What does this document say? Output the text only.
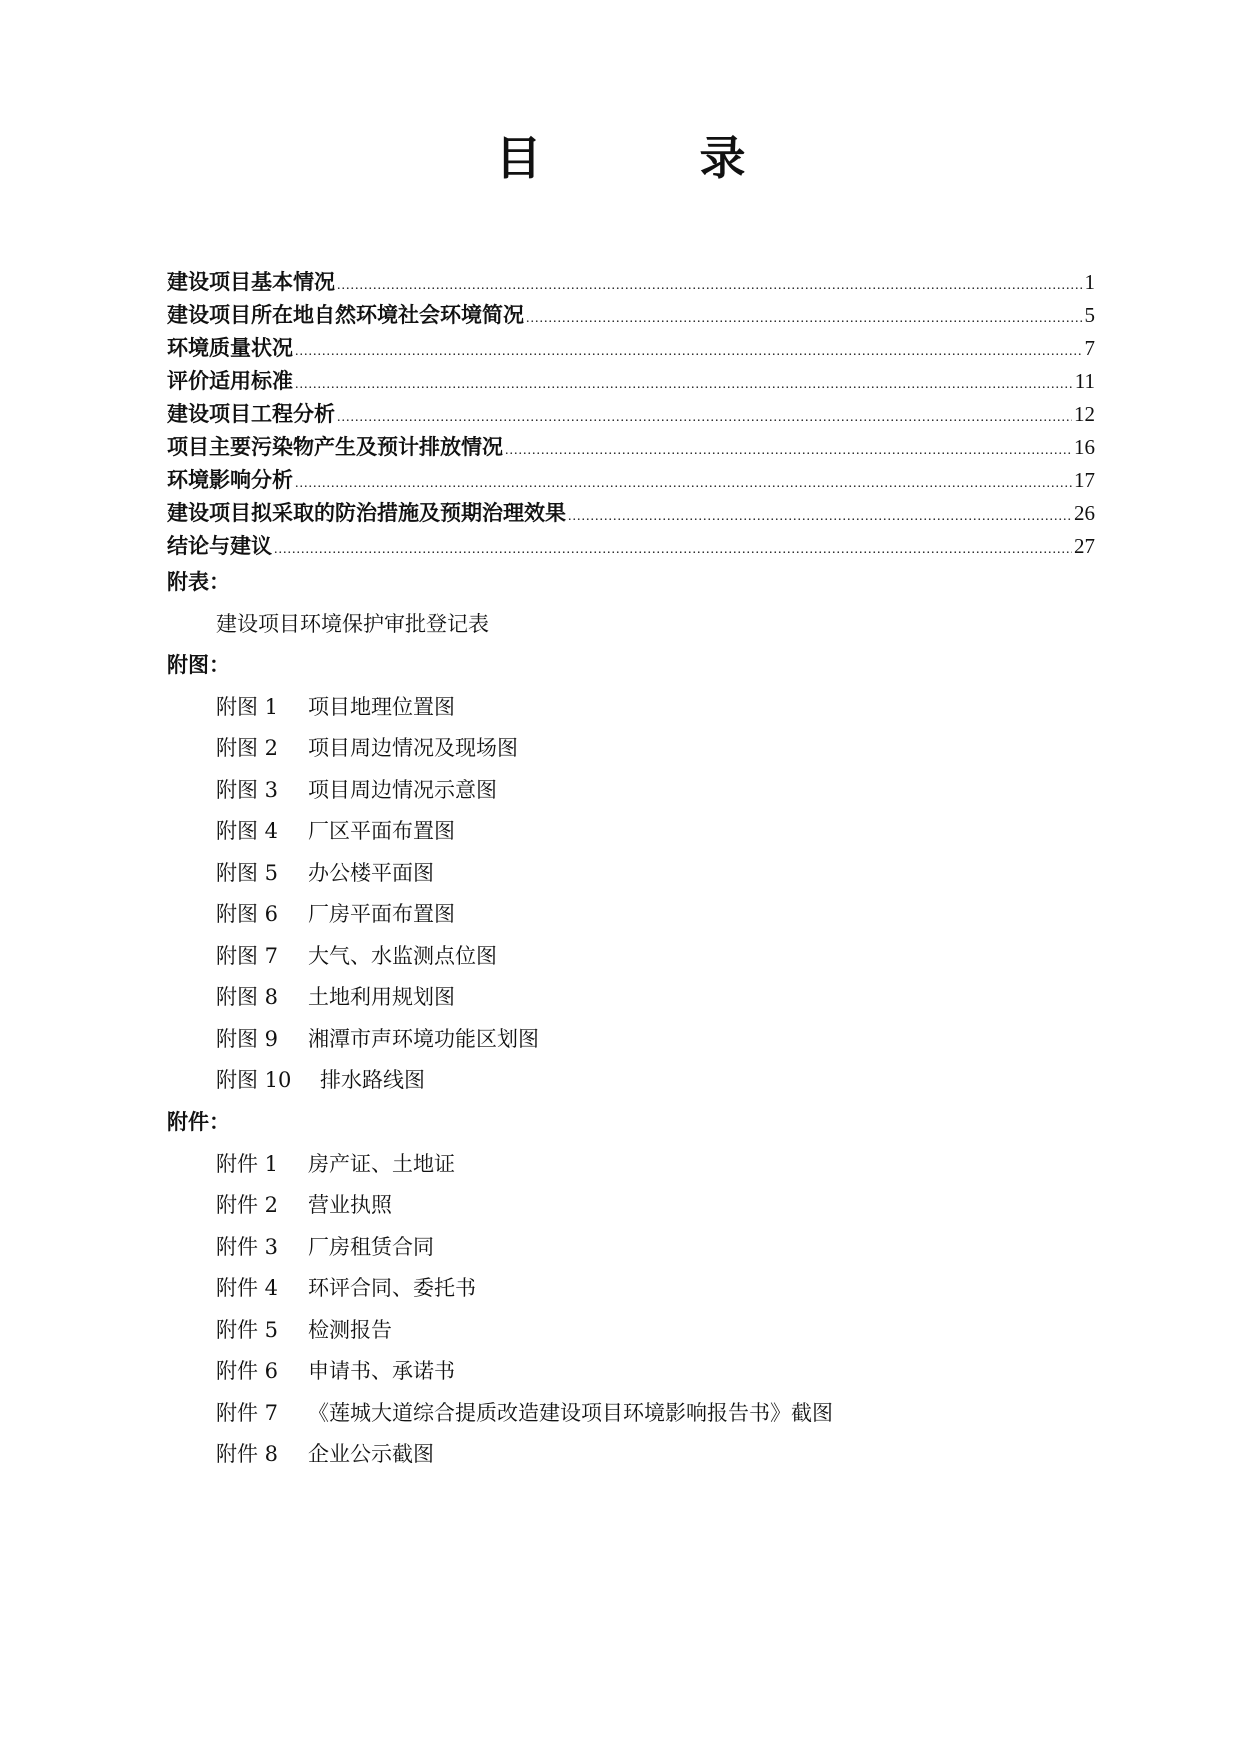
目　录
建设项目基本情况 .....	1
建设项目所在地自然环境社会环境简况 .....	5
环境质量状况 .....	7
评价适用标准 .....	11
建设项目工程分析 .....	12
项目主要污染物产生及预计排放情况 .....	16
环境影响分析 .....	17
建设项目拟采取的防治措施及预期治理效果 .....	26
结论与建议 .....	27
附表：
建设项目环境保护审批登记表
附图：
附图 1 项目地理位置图
附图 2 项目周边情况及现场图
附图 3 项目周边情况示意图
附图 4 厂区平面布置图
附图 5 办公楼平面图
附图 6 厂房平面布置图
附图 7 大气、水监测点位图
附图 8 土地利用规划图
附图 9 湘潭市声环境功能区划图
附图 10 排水路线图
附件：
附件 1 房产证、土地证
附件 2 营业执照
附件 3 厂房租赁合同
附件 4 环评合同、委托书
附件 5 检测报告
附件 6 申请书、承诺书
附件 7 《莲城大道综合提质改造建设项目环境影响报告书》截图
附件 8 企业公示截图
